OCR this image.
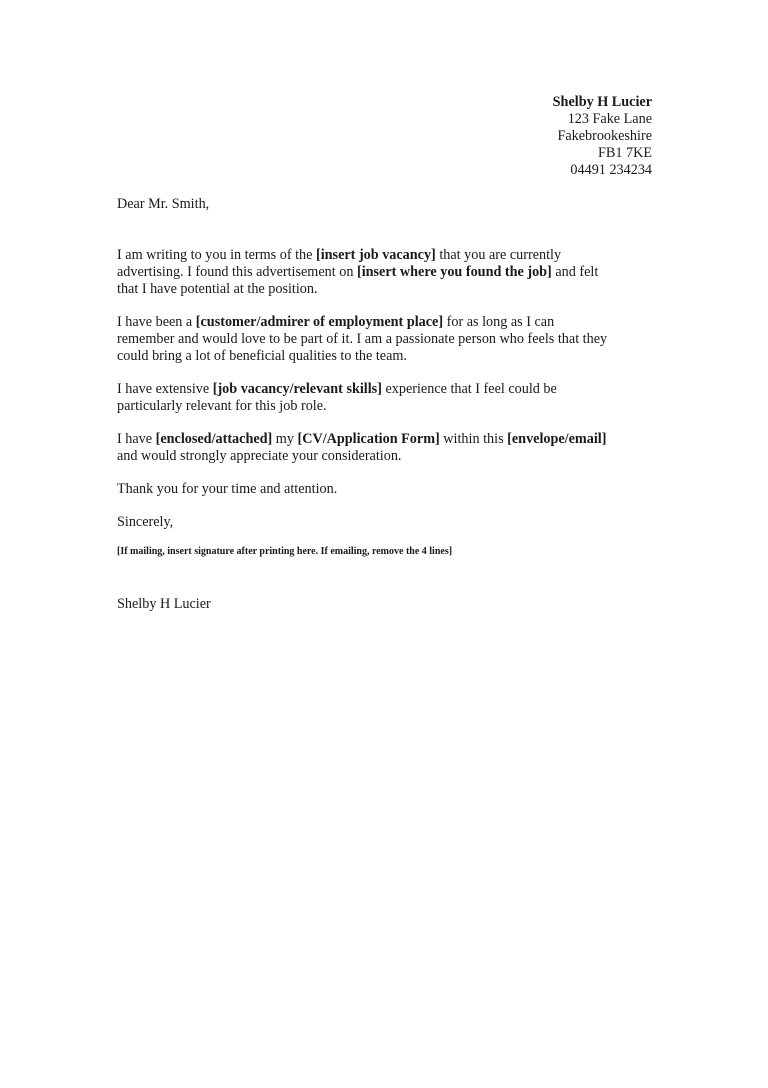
Shelby H Lucier
123 Fake Lane
Fakebrookeshire
FB1 7KE
04491 234234
Dear Mr. Smith,
I am writing to you in terms of the [insert job vacancy] that you are currently
advertising. I found this advertisement on [insert where you found the job] and felt
that I have potential at the position.
I have been a [customer/admirer of employment place] for as long as I can
remember and would love to be part of it. I am a passionate person who feels that they
could bring a lot of beneficial qualities to the team.
I have extensive [job vacancy/relevant skills] experience that I feel could be
particularly relevant for this job role.
I have [enclosed/attached] my [CV/Application Form] within this [envelope/email]
and would strongly appreciate your consideration.
Thank you for your time and attention.
Sincerely,
[If mailing, insert signature after printing here. If emailing, remove the 4 lines]
Shelby H Lucier
